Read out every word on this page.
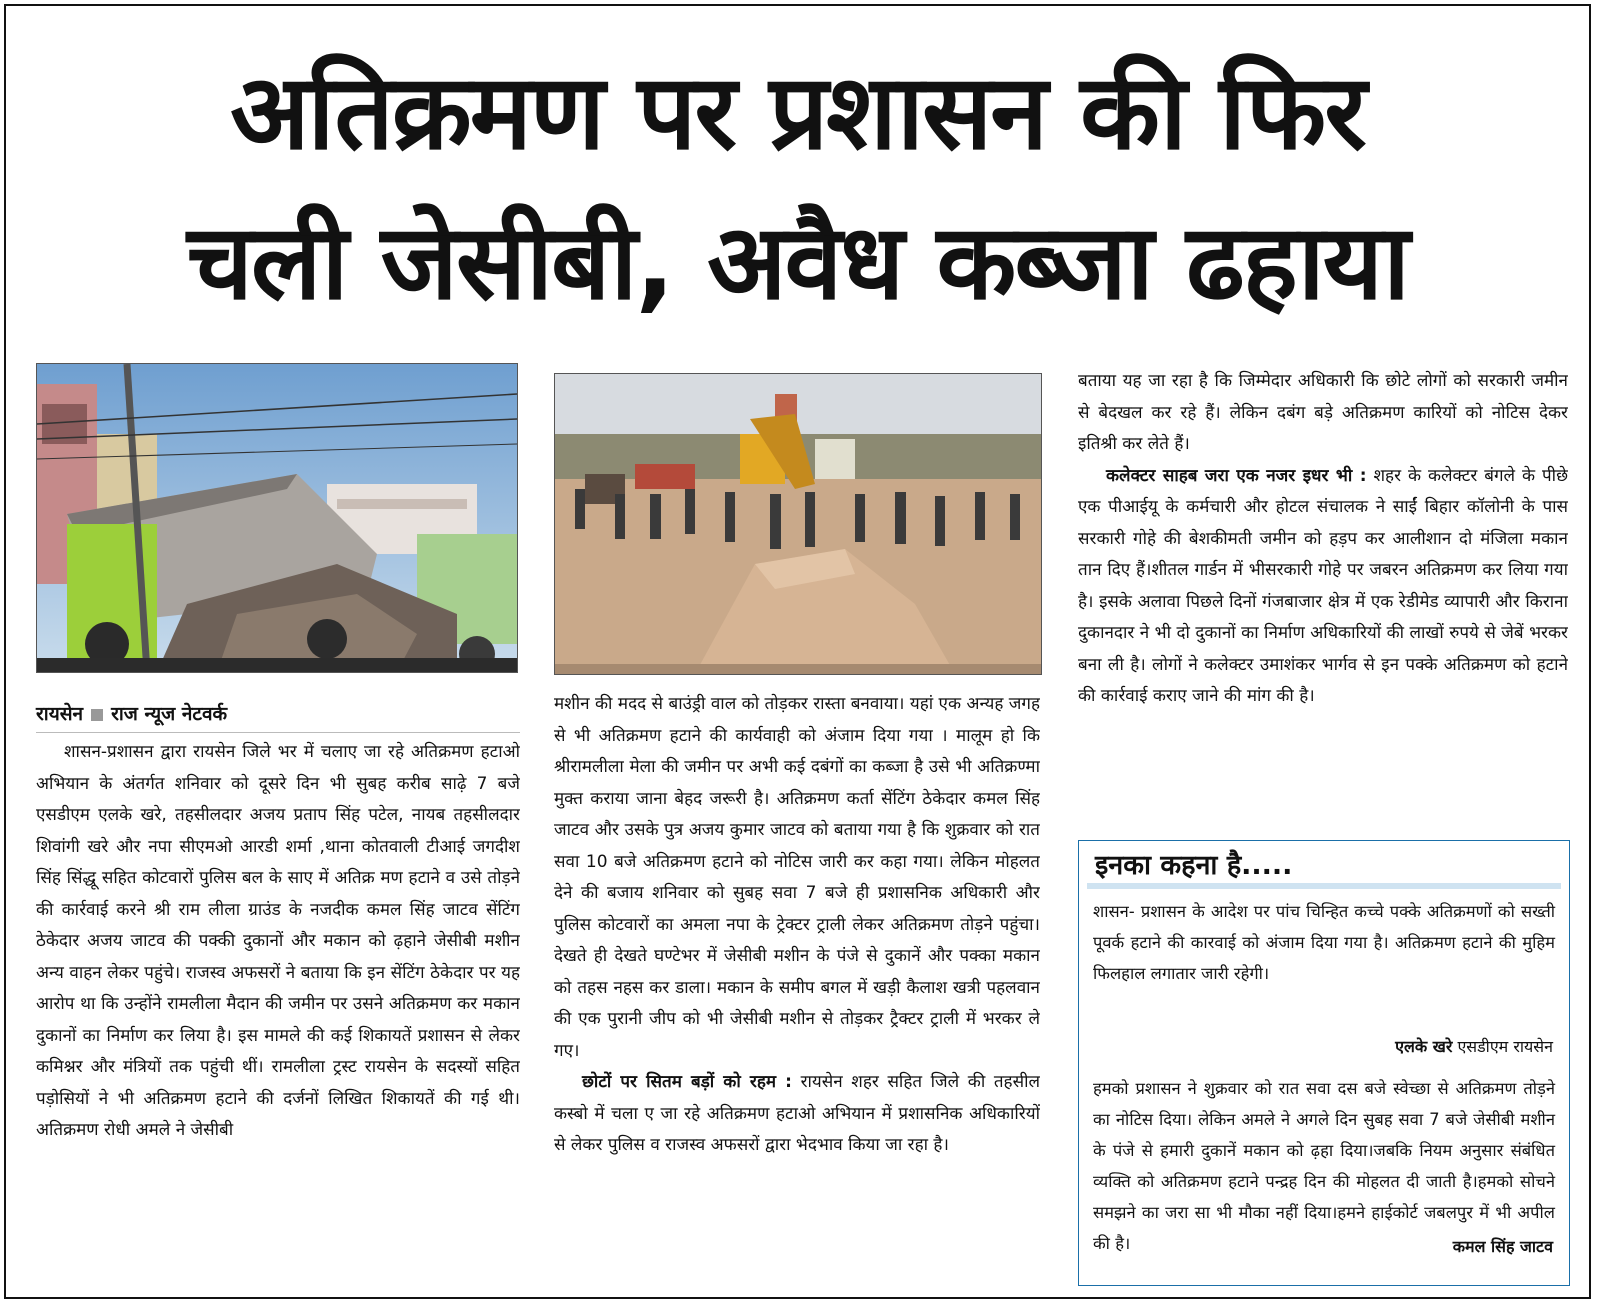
अतिक्रमण पर प्रशासन की फिर
चली जेसीबी, अवैध कब्जा ढहाया
रायसेन राज न्यूज नेटवर्क

शासन-प्रशासन द्वारा रायसेन जिले भर में चलाए जा रहे अतिक्रमण हटाओ अभियान के अंतर्गत शनिवार को दूसरे दिन भी सुबह करीब साढ़े 7 बजे एसडीएम एलके खरे, तहसीलदार अजय प्रताप सिंह पटेल, नायब तहसीलदार शिवांगी खरे और नपा सीएमओ आरडी शर्मा ,थाना कोतवाली टीआई जगदीश सिंह सिंद्धू सहित कोटवारों पुलिस बल के साए में अतिक्र मण हटाने व उसे तोड़ने की कार्रवाई करने श्री राम लीला ग्राउंड के नजदीक कमल सिंह जाटव सेंटिंग ठेकेदार अजय जाटव की पक्की दुकानों और मकान को ढ़हाने जेसीबी मशीन अन्य वाहन लेकर पहुंचे। राजस्व अफसरों ने बताया कि इन सेंटिंग ठेकेदार पर यह आरोप था कि उन्होंने रामलीला मैदान की जमीन पर उसने अतिक्रमण कर मकान दुकानों का निर्माण कर लिया है। इस मामले की कई शिकायतें प्रशासन से लेकर कमिश्नर और मंत्रियों तक पहुंची थीं। रामलीला ट्रस्ट रायसेन के सदस्यों सहित पड़ोसियों ने भी अतिक्रमण हटाने की दर्जनों लिखित शिकायतें की गई थी। अतिक्रमण रोधी अमले ने जेसीबी

मशीन की मदद से बाउंड्री वाल को तोड़कर रास्ता बनवाया। यहां एक अन्यह जगह से भी अतिक्रमण हटाने की कार्यवाही को अंजाम दिया गया । मालूम हो कि श्रीरामलीला मेला की जमीन पर अभी कई दबंगों का कब्जा है उसे भी अतिक्रण्मा मुक्त कराया जाना बेहद जरूरी है। अतिक्रमण कर्ता सेंटिंग ठेकेदार कमल सिंह जाटव और उसके पुत्र अजय कुमार जाटव को बताया गया है कि शुक्रवार को रात सवा 10 बजे अतिक्रमण हटाने को नोटिस जारी कर कहा गया। लेकिन मोहलत देने की बजाय शनिवार को सुबह सवा 7 बजे ही प्रशासनिक अधिकारी और पुलिस कोटवारों का अमला नपा के ट्रेक्टर ट्राली लेकर अतिक्रमण तोड़ने पहुंचा। देखते ही देखते घण्टेभर में जेसीबी मशीन के पंजे से दुकानें और पक्का मकान को तहस नहस कर डाला। मकान के समीप बगल में खड़ी कैलाश खत्री पहलवान की एक पुरानी जीप को भी जेसीबी मशीन से तोड़कर ट्रैक्टर ट्राली में भरकर ले गए।

छोटों पर सितम बड़ों को रहम : रायसेन शहर सहित जिले की तहसील कस्बो में चला ए जा रहे अतिक्रमण हटाओ अभियान में प्रशासनिक अधिकारियों से लेकर पुलिस व राजस्व अफसरों द्वारा भेदभाव किया जा रहा है।

बताया यह जा रहा है कि जिम्मेदार अधिकारी कि छोटे लोगों को सरकारी जमीन से बेदखल कर रहे हैं। लेकिन दबंग बड़े अतिक्रमण कारियों को नोटिस देकर इतिश्री कर लेते हैं।

कलेक्टर साहब जरा एक नजर इधर भी : शहर के कलेक्टर बंगले के पीछे एक पीआईयू के कर्मचारी और होटल संचालक ने साईं बिहार कॉलोनी के पास सरकारी गोहे की बेशकीमती जमीन को हड़प कर आलीशान दो मंजिला मकान तान दिए हैं।शीतल गार्डन में भीसरकारी गोहे पर जबरन अतिक्रमण कर लिया गया है। इसके अलावा पिछले दिनों गंजबाजार क्षेत्र में एक रेडीमेड व्यापारी और किराना दुकानदार ने भी दो दुकानों का निर्माण अधिकारियों की लाखों रुपये से जेबें भरकर बना ली है। लोगों ने कलेक्टर उमाशंकर भार्गव से इन पक्के अतिक्रमण को हटाने की कार्रवाई कराए जाने की मांग की है।

इनका कहना है.....
शासन- प्रशासन के आदेश पर पांच चिन्हित कच्चे पक्के अतिक्रमणों को सख्ती पूवर्क हटाने की कारवाई को अंजाम दिया गया है। अतिक्रमण हटाने की मुहिम फिलहाल लगातार जारी रहेगी।
एलके खरे एसडीएम रायसेन
हमको प्रशासन ने शुक्रवार को रात सवा दस बजे स्वेच्छा से अतिक्रमण तोड़ने का नोटिस दिया। लेकिन अमले ने अगले दिन सुबह सवा 7 बजे जेसीबी मशीन के पंजे से हमारी दुकानें मकान को ढ़हा दिया।जबकि नियम अनुसार संबंधित व्यक्ति को अतिक्रमण हटाने पन्द्रह दिन की मोहलत दी जाती है।हमको सोचने समझने का जरा सा भी मौका नहीं दिया।हमने हाईकोर्ट जबलपुर में भी अपील की है।	कमल सिंह जाटव
